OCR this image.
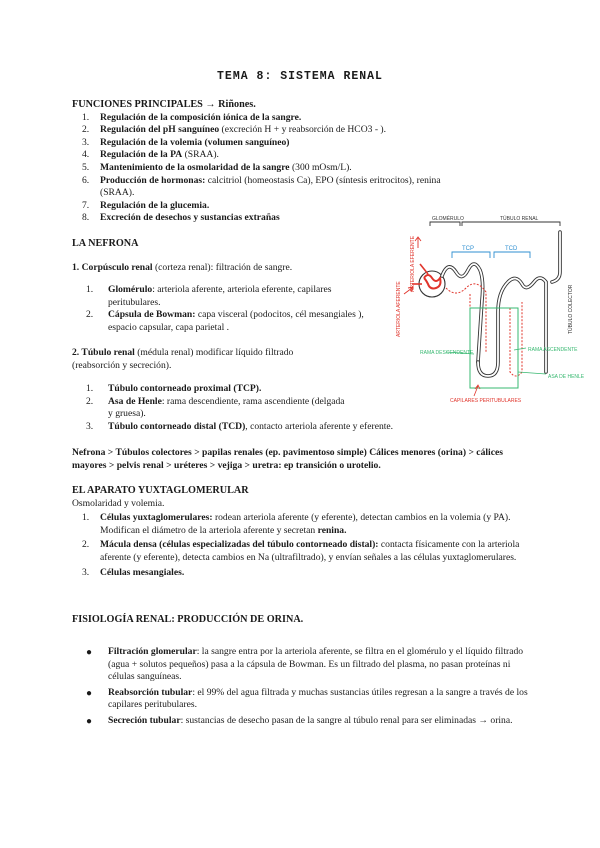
TEMA 8: SISTEMA RENAL
FUNCIONES PRINCIPALES → Riñones.
1. Regulación de la composición iónica de la sangre.
2. Regulación del pH sanguíneo (excreción H + y reabsorción de HCO3 - ).
3. Regulación de la volemia (volumen sanguíneo)
4. Regulación de la PA (SRAA).
5. Mantenimiento de la osmolaridad de la sangre (300 mOsm/L).
6. Producción de hormonas: calcitriol (homeostasis Ca), EPO (síntesis eritrocitos), renina (SRAA).
7. Regulación de la glucemia.
8. Excreción de desechos y sustancias extrañas
LA NEFRONA
1. Corpúsculo renal (corteza renal): filtración de sangre.
1. Glomérulo: arteriola aferente, arteriola eferente, capilares peritubulares.
2. Cápsula de Bowman: capa visceral (podocitos, cél mesangiales ), espacio capsular, capa parietal .
2. Túbulo renal (médula renal) modificar líquido filtrado (reabsorción y secreción).
1. Túbulo contorneado proximal (TCP).
2. Asa de Henle: rama descendiente, rama ascendiente (delgada y gruesa).
3. Túbulo contorneado distal (TCD), contacto arteriola aferente y eferente.
Nefrona > Túbulos colectores > papilas renales (ep. pavimentoso simple) Cálices menores (orina) > cálices mayores > pelvis renal > uréteres > vejiga > uretra: ep transición o urotelio.
GLOMÉRULO	TÚBULO RENAL
TCP	TCD
ARTERIOLA EFERENTE
ARTERIOLA AFERENTE	TÚBULO COLECTOR
RAMA DESCENDENTE	RAMA ASCENDENTE
ASA DE HENLE
CAPILARES PERITUBULARES
EL APARATO YUXTAGLOMERULAR
Osmolaridad y volemia.
1. Células yuxtaglomerulares: rodean arteriola aferente (y eferente), detectan cambios en la volemia (y PA). Modifican el diámetro de la arteriola aferente y secretan renina.
2. Mácula densa (células especializadas del túbulo contorneado distal): contacta físicamente con la arteriola aferente (y eferente), detecta cambios en Na (ultrafiltrado), y envían señales a las células yuxtaglomerulares.
3. Células mesangiales.
FISIOLOGÍA RENAL: PRODUCCIÓN DE ORINA.
● Filtración glomerular: la sangre entra por la arteriola aferente, se filtra en el glomérulo y el líquido filtrado (agua + solutos pequeños) pasa a la cápsula de Bowman. Es un filtrado del plasma, no pasan proteínas ni células sanguíneas.
● Reabsorción tubular: el 99% del agua filtrada y muchas sustancias útiles regresan a la sangre a través de los capilares peritubulares.
● Secreción tubular: sustancias de desecho pasan de la sangre al túbulo renal para ser eliminadas → orina.
